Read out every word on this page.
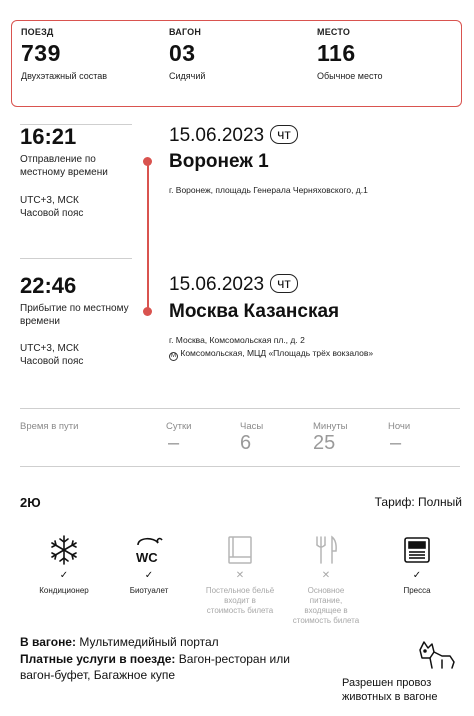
ПОЕЗД
739
Двухэтажный состав
ВАГОН
03
Сидячий
МЕСТО
116
Обычное место
16:21
Отправление по местному времени
UTC+3, МСК
Часовой пояс
15.06.2023 чт
Воронеж 1
г. Воронеж, площадь Генерала Черняховского, д.1
22:46
Прибытие по местному времени
UTC+3, МСК
Часовой пояс
15.06.2023 чт
Москва Казанская
г. Москва, Комсомольская пл., д. 2
М Комсомольская, МЦД «Площадь трёх вокзалов»
Время в пути	Сутки
–
Часы
6
Минуты
25
Ночи
–
2Ю	Тариф: Полный
✓
Кондиционер
WC
✓
Биотуалет
✕
Постельное бельё входит в стоимость билета
✕
Основное питание, входящее в стоимость билета
✓
Пресса
В вагоне: Мультимедийный портал
Платные услуги в поезде: Вагон-ресторан или вагон-буфет, Багажное купе
Разрешен провоз животных в вагоне
